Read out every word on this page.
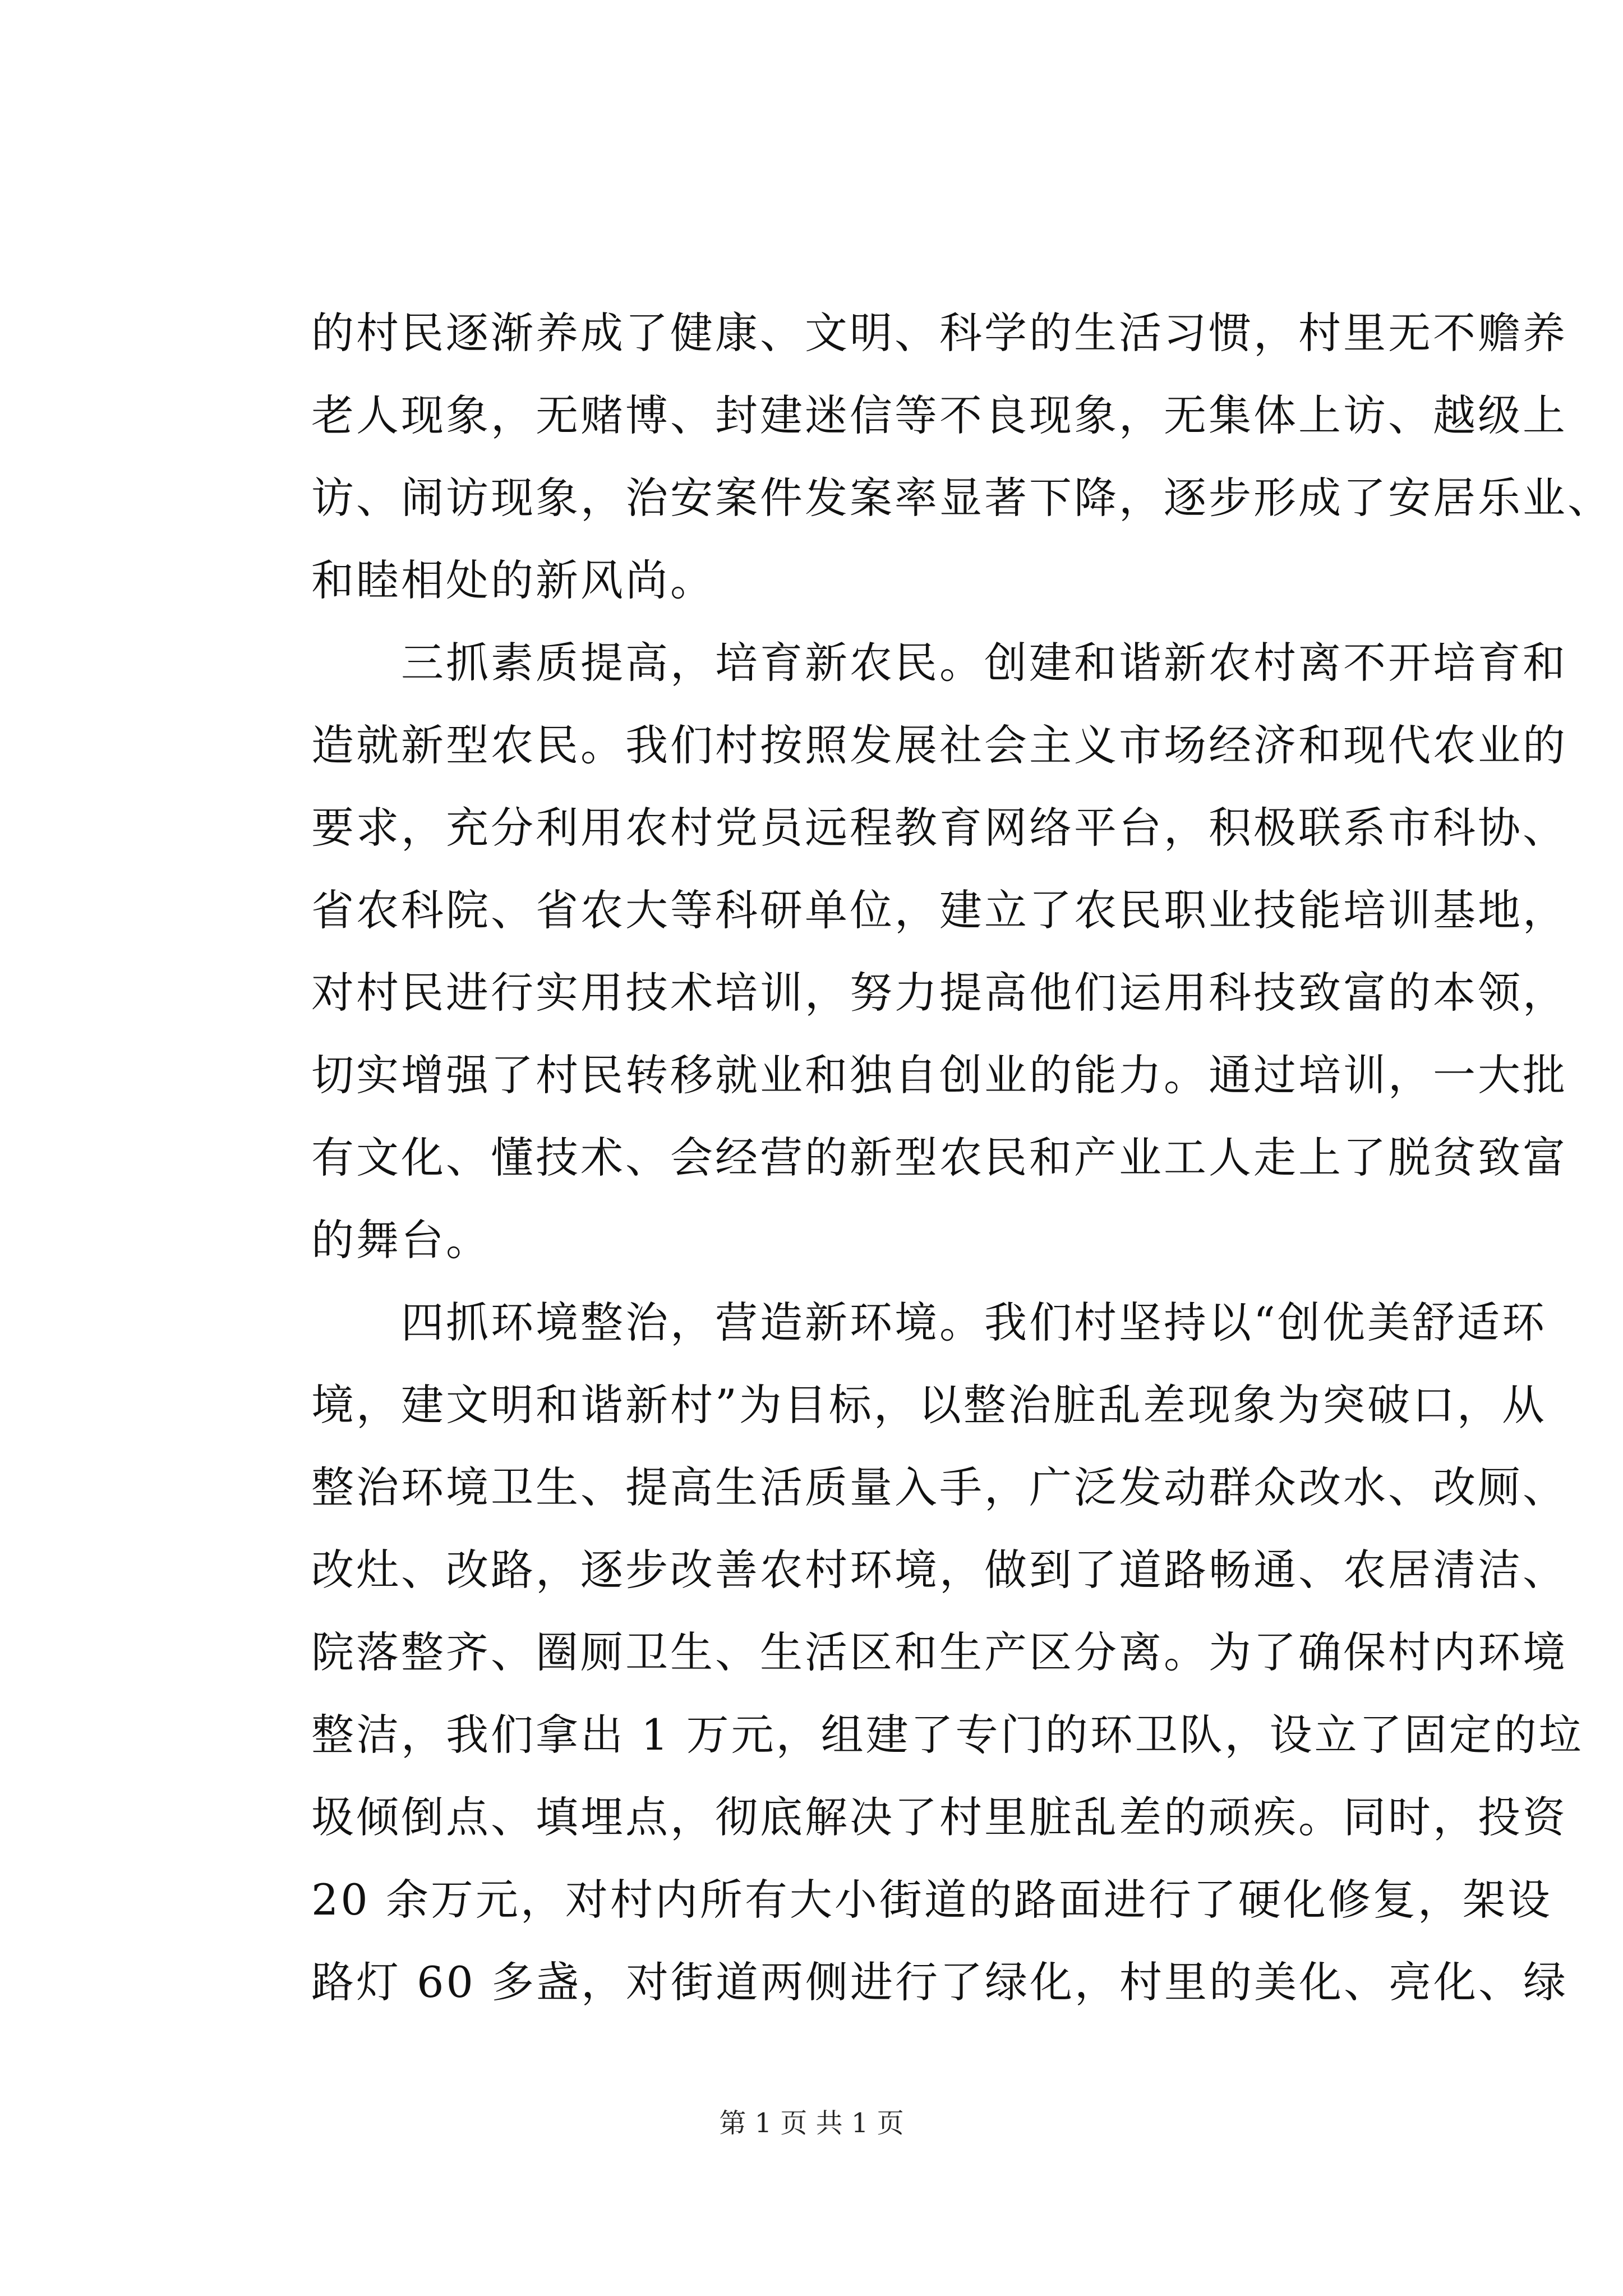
的村民逐渐养成了健康、文明、科学的生活习惯，村里无不赡养
老人现象，无赌博、封建迷信等不良现象，无集体上访、越级上
访、闹访现象，治安案件发案率显著下降，逐步形成了安居乐业、
和睦相处的新风尚。
　　三抓素质提高，培育新农民。创建和谐新农村离不开培育和
造就新型农民。我们村按照发展社会主义市场经济和现代农业的
要求，充分利用农村党员远程教育网络平台，积极联系市科协、
省农科院、省农大等科研单位，建立了农民职业技能培训基地，
对村民进行实用技术培训，努力提高他们运用科技致富的本领，
切实增强了村民转移就业和独自创业的能力。通过培训，一大批
有文化、懂技术、会经营的新型农民和产业工人走上了脱贫致富
的舞台。
　　四抓环境整治，营造新环境。我们村坚持以“创优美舒适环
境，建文明和谐新村”为目标，以整治脏乱差现象为突破口，从
整治环境卫生、提高生活质量入手，广泛发动群众改水、改厕、
改灶、改路，逐步改善农村环境，做到了道路畅通、农居清洁、
院落整齐、圈厕卫生、生活区和生产区分离。为了确保村内环境
整洁，我们拿出 1 万元，组建了专门的环卫队，设立了固定的垃
圾倾倒点、填埋点，彻底解决了村里脏乱差的顽疾。同时，投资
20 余万元，对村内所有大小街道的路面进行了硬化修复，架设
路灯 60 多盏，对街道两侧进行了绿化，村里的美化、亮化、绿
第 1 页 共 1 页
